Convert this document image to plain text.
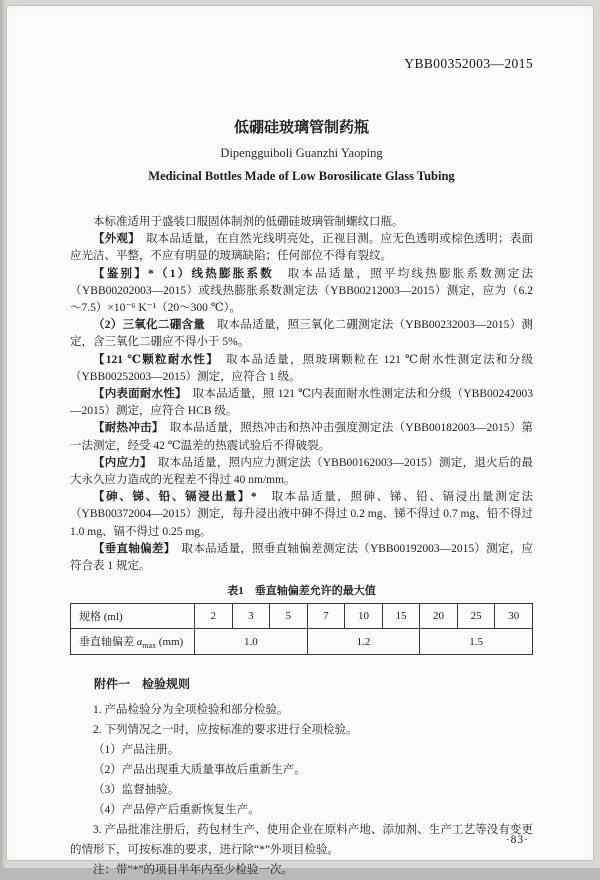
YBB00352003—2015
低硼硅玻璃管制药瓶
Dipengguiboli Guanzhi Yaoping
Medicinal Bottles Made of Low Borosilicate Glass Tubing

本标准适用于盛装口服固体制剂的低硼硅玻璃管制螺纹口瓶。

【外观】　取本品适量，在自然光线明亮处，正视目测。应无色透明或棕色透明；表面应光洁、平整，不应有明显的玻璃缺陷；任何部位不得有裂纹。

【鉴别】*（1）线热膨胀系数　取本品适量，照平均线热膨胀系数测定法（YBB00202003—2015）或线热膨胀系数测定法（YBB00212003—2015）测定，应为（6.2～7.5）×10⁻⁶ K⁻¹（20～300 ℃）。

（2）三氧化二硼含量　取本品适量，照三氧化二硼测定法（YBB00232003—2015）测定，含三氧化二硼应不得小于 5%。

【121 ℃颗粒耐水性】　取本品适量，照玻璃颗粒在 121 ℃耐水性测定法和分级（YBB00252003—2015）测定，应符合 1 级。

【内表面耐水性】　取本品适量，照 121 ℃内表面耐水性测定法和分级（YBB00242003—2015）测定，应符合 HCB 级。

【耐热冲击】　取本品适量，照热冲击和热冲击强度测定法（YBB00182003—2015）第一法测定，经受 42 ℃温差的热震试验后不得破裂。

【内应力】　取本品适量，照内应力测定法（YBB00162003—2015）测定，退火后的最大永久应力造成的光程差不得过 40 nm/mm。

【砷、锑、铅、镉浸出量】*　取本品适量，照砷、锑、铅、镉浸出量测定法（YBB00372004—2015）测定，每升浸出液中砷不得过 0.2 mg、锑不得过 0.7 mg、铅不得过 1.0 mg、镉不得过 0.25 mg。

【垂直轴偏差】　取本品适量，照垂直轴偏差测定法（YBB00192003—2015）测定，应符合表 1 规定。

表1　垂直轴偏差允许的最大值
规格 (ml)	2	3	5	7	10	15	20	25	30
垂直轴偏差 $a_{max}$ (mm)	1.0			1.2			1.5		
附件一　检验规则

1. 产品检验分为全项检验和部分检验。

2. 下列情况之一时，应按标准的要求进行全项检验。

（1）产品注册。

（2）产品出现重大质量事故后重新生产。

（3）监督抽验。

（4）产品停产后重新恢复生产。

3. 产品批准注册后，药包材生产、使用企业在原料产地、添加剂、生产工艺等没有变更的情形下，可按标准的要求，进行除“*”外项目检验。

注：带“*”的项目半年内至少检验一次。

·83·
